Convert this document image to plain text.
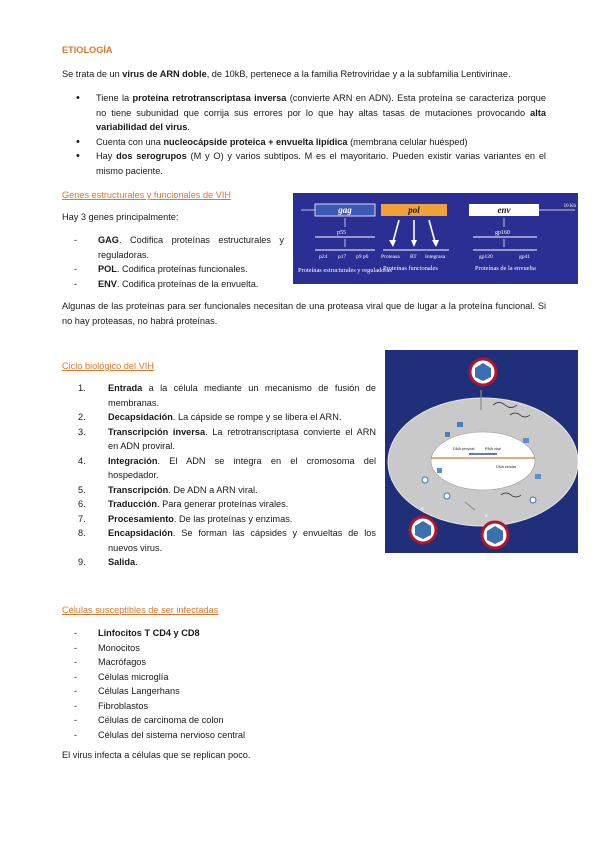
ETIOLOGÍA

Se trata de un virus de ARN doble, de 10kB, pertenece a la familia Retroviridae y a la subfamilia Lentivirinae.

• Tiene la proteína retrotranscriptasa inversa (convierte ARN en ADN). Esta proteína se caracteriza porque no tiene subunidad que corrija sus errores por lo que hay altas tasas de mutaciones provocando alta variabilidad del virus.
• Cuenta con una nucleocápside proteica + envuelta lipídica (membrana celular huésped)
• Hay dos serogrupos (M y O) y varios subtipos. M es el mayoritario. Pueden existir varias variantes en el mismo paciente.
Genes estructurales y funcionales de VIH

Hay 3 genes principalmente:

- GAG. Codifica proteínas estructurales y reguladoras.
- POL. Codifica proteínas funcionales.
- ENV. Codifica proteínas de la envuelta.
gag	pol	env	10 Kb
p55
p24 p17 p9 p6 Proteasa RT Integrasa
gp160
gp120	gp41
Proteínas estructurales y reguladoras
Proteínas funcionales	Proteínas de la envuelta

Algunas de las proteínas para ser funcionales necesitan de una proteasa viral que de lugar a la proteína funcional. Si no hay proteasas, no habrá proteínas.

Ciclo biológico del VIH
1. Entrada a la célula mediante un mecanismo de fusión de membranas.
2. Decapsidación. La cápside se rompe y se libera el ARN.
3. Transcripción inversa. La retrotranscriptasa convierte el ARN en ADN proviral.
4. Integración. El ADN se integra en el cromosoma del hospedador.
5. Transcripción. De ADN a ARN viral.
6. Traducción. Para generar proteínas virales.
7. Procesamiento. De las proteínas y enzimas.
8. Encapsidación. Se forman las cápsides y envueltas de los nuevos virus.
9. Salida.
DNA proviral	RNA viral
DNA celular
8
9
Células susceptibles de ser infectadas
- Linfocitos T CD4 y CD8
- Monocitos
- Macrófagos
- Células microglía
- Células Langerhans
- Fibroblastos
- Células de carcinoma de colon
- Células del sistema nervioso central

El virus infecta a células que se replican poco.
